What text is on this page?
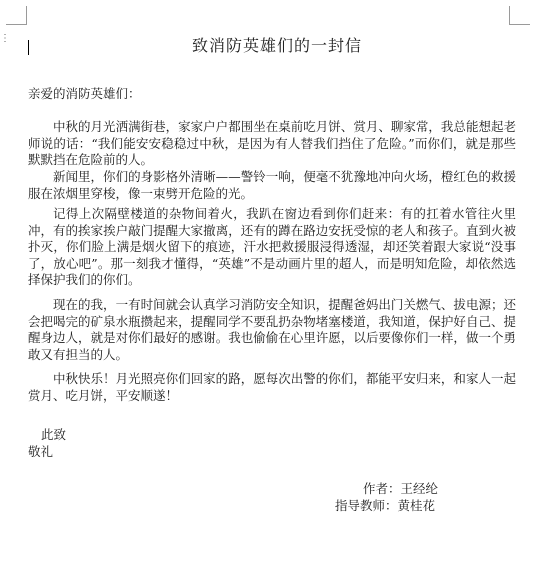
⋮	致消防英雄们的一封信
亲爱的消防英雄们：
中秋的月光洒满街巷，家家户户都围坐在桌前吃月饼、赏月、聊家常，我总能想起老师说的话：“我们能安安稳稳过中秋，是因为有人替我们挡住了危险。”而你们，就是那些默默挡在危险前的人。
新闻里，你们的身影格外清晰——警铃一响，便毫不犹豫地冲向火场，橙红色的救援服在浓烟里穿梭，像一束劈开危险的光。
记得上次隔壁楼道的杂物间着火，我趴在窗边看到你们赶来：有的扛着水管往火里冲，有的挨家挨户敲门提醒大家撤离，还有的蹲在路边安抚受惊的老人和孩子。直到火被扑灭，你们脸上满是烟火留下的痕迹，汗水把救援服浸得透湿，却还笑着跟大家说“没事了，放心吧”。那一刻我才懂得，“英雄”不是动画片里的超人，而是明知危险，却依然选择保护我们的你们。
现在的我，一有时间就会认真学习消防安全知识，提醒爸妈出门关燃气、拔电源；还会把喝完的矿泉水瓶攒起来，提醒同学不要乱扔杂物堵塞楼道，我知道，保护好自己、提醒身边人，就是对你们最好的感谢。我也偷偷在心里许愿，以后要像你们一样，做一个勇敢又有担当的人。
中秋快乐！月光照亮你们回家的路，愿每次出警的你们，都能平安归来，和家人一起赏月、吃月饼，平安顺遂！
此致
敬礼
作者：王经纶
指导教师：黄桂花
